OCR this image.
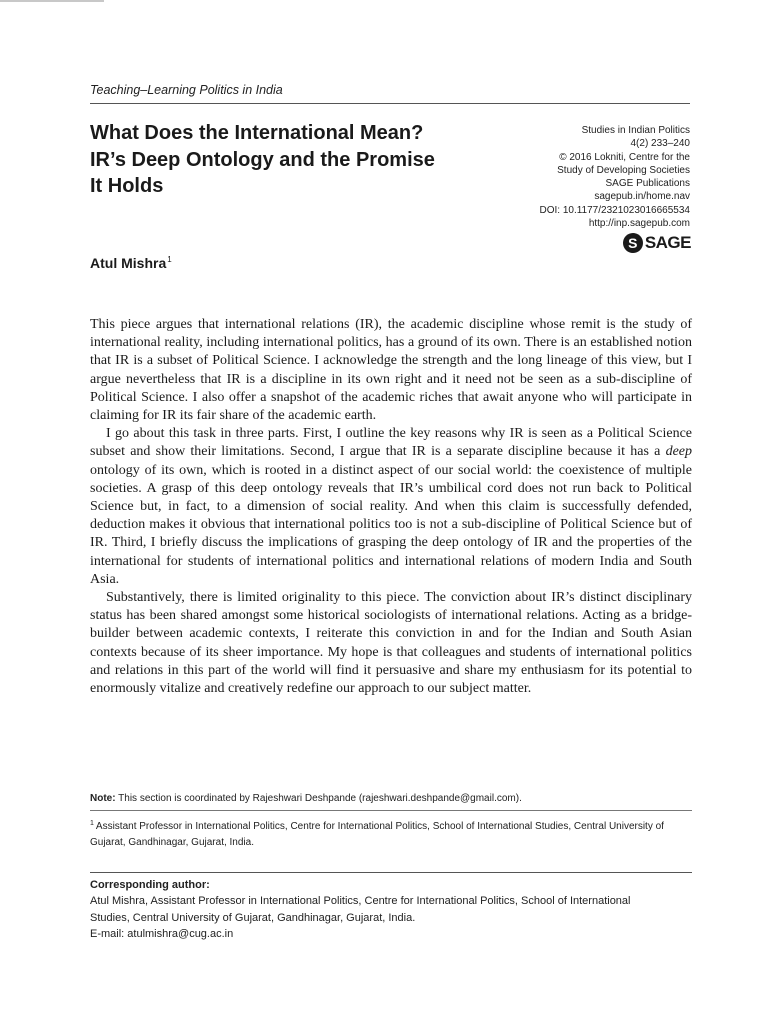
Teaching–Learning Politics in India
What Does the International Mean?
IR’s Deep Ontology and the Promise
It Holds
Studies in Indian Politics
4(2) 233–240
© 2016 Lokniti, Centre for the
Study of Developing Societies
SAGE Publications
sagepub.in/home.nav
DOI: 10.1177/2321023016665534
http://inp.sagepub.com
S SAGE
Atul Mishra$^1$

This piece argues that international relations (IR), the academic discipline whose remit is the study of international reality, including international politics, has a ground of its own. There is an established notion that IR is a subset of Political Science. I acknowledge the strength and the long lineage of this view, but I argue nevertheless that IR is a discipline in its own right and it need not be seen as a sub-discipline of Political Science. I also offer a snapshot of the academic riches that await anyone who will participate in claiming for IR its fair share of the academic earth.

I go about this task in three parts. First, I outline the key reasons why IR is seen as a Political Science subset and show their limitations. Second, I argue that IR is a separate discipline because it has a deep ontology of its own, which is rooted in a distinct aspect of our social world: the coexistence of multiple societies. A grasp of this deep ontology reveals that IR’s umbilical cord does not run back to Political Science but, in fact, to a dimension of social reality. And when this claim is successfully defended, deduction makes it obvious that international politics too is not a sub-discipline of Political Science but of IR. Third, I briefly discuss the implications of grasping the deep ontology of IR and the properties of the international for students of international politics and international relations of modern India and South Asia.

Substantively, there is limited originality to this piece. The conviction about IR’s distinct disciplinary status has been shared amongst some historical sociologists of international relations. Acting as a bridge-builder between academic contexts, I reiterate this conviction in and for the Indian and South Asian contexts because of its sheer importance. My hope is that colleagues and students of international politics and relations in this part of the world will find it persuasive and share my enthusiasm for its potential to enormously vitalize and creatively redefine our approach to our subject matter.

Note: This section is coordinated by Rajeshwari Deshpande (rajeshwari.deshpande@gmail.com).
$^1$ Assistant Professor in International Politics, Centre for International Politics, School of International Studies, Central University of Gujarat, Gandhinagar, Gujarat, India.
Corresponding author:
Atul Mishra, Assistant Professor in International Politics, Centre for International Politics, School of International
Studies, Central University of Gujarat, Gandhinagar, Gujarat, India.
E-mail: atulmishra@cug.ac.in
